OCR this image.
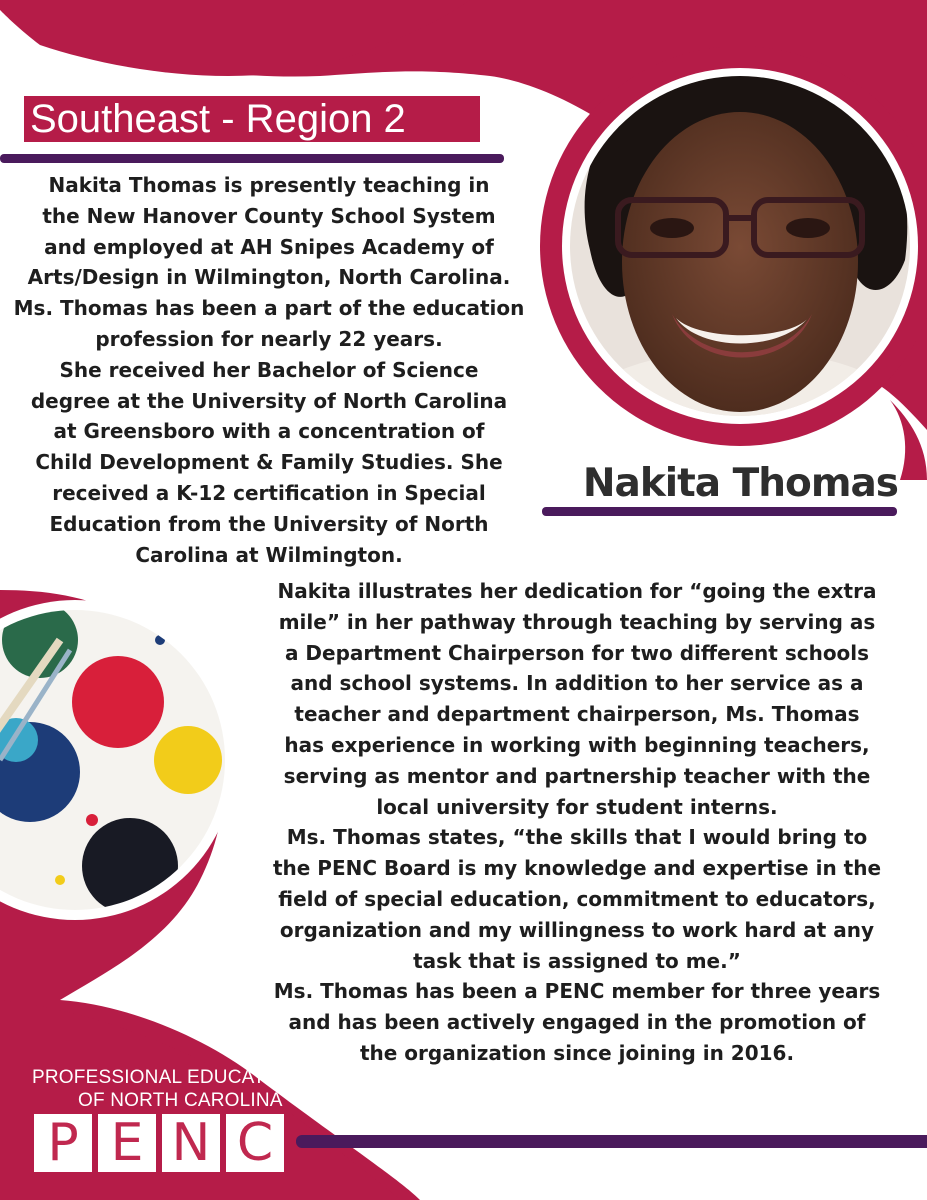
Southeast - Region 2

Nakita Thomas is presently teaching in

the New Hanover County School System

and employed at AH Snipes Academy of

Arts/Design in Wilmington, North Carolina.

Ms. Thomas has been a part of the education

profession for nearly 22 years.

She received her Bachelor of Science

degree at the University of North Carolina

at Greensboro with a concentration of

Child Development & Family Studies. She

received a K-12 certification in Special

Education from the University of North

Carolina at Wilmington.

Nakita Thomas

Nakita illustrates her dedication for “going the extra

mile” in her pathway through teaching by serving as

a Department Chairperson for two different schools

and school systems. In addition to her service as a

teacher and department chairperson, Ms. Thomas

has experience in working with beginning teachers,

serving as mentor and partnership teacher with the

local university for student interns.

Ms. Thomas states, “the skills that I would bring to

the PENC Board is my knowledge and expertise in the

field of special education, commitment to educators,

organization and my willingness to work hard at any

task that is assigned to me.”

Ms. Thomas has been a PENC member for three years

and has been actively engaged in the promotion of

the organization since joining in 2016.

PROFESSIONAL EDUCATORS
OF NORTH CAROLINA
P E N C
